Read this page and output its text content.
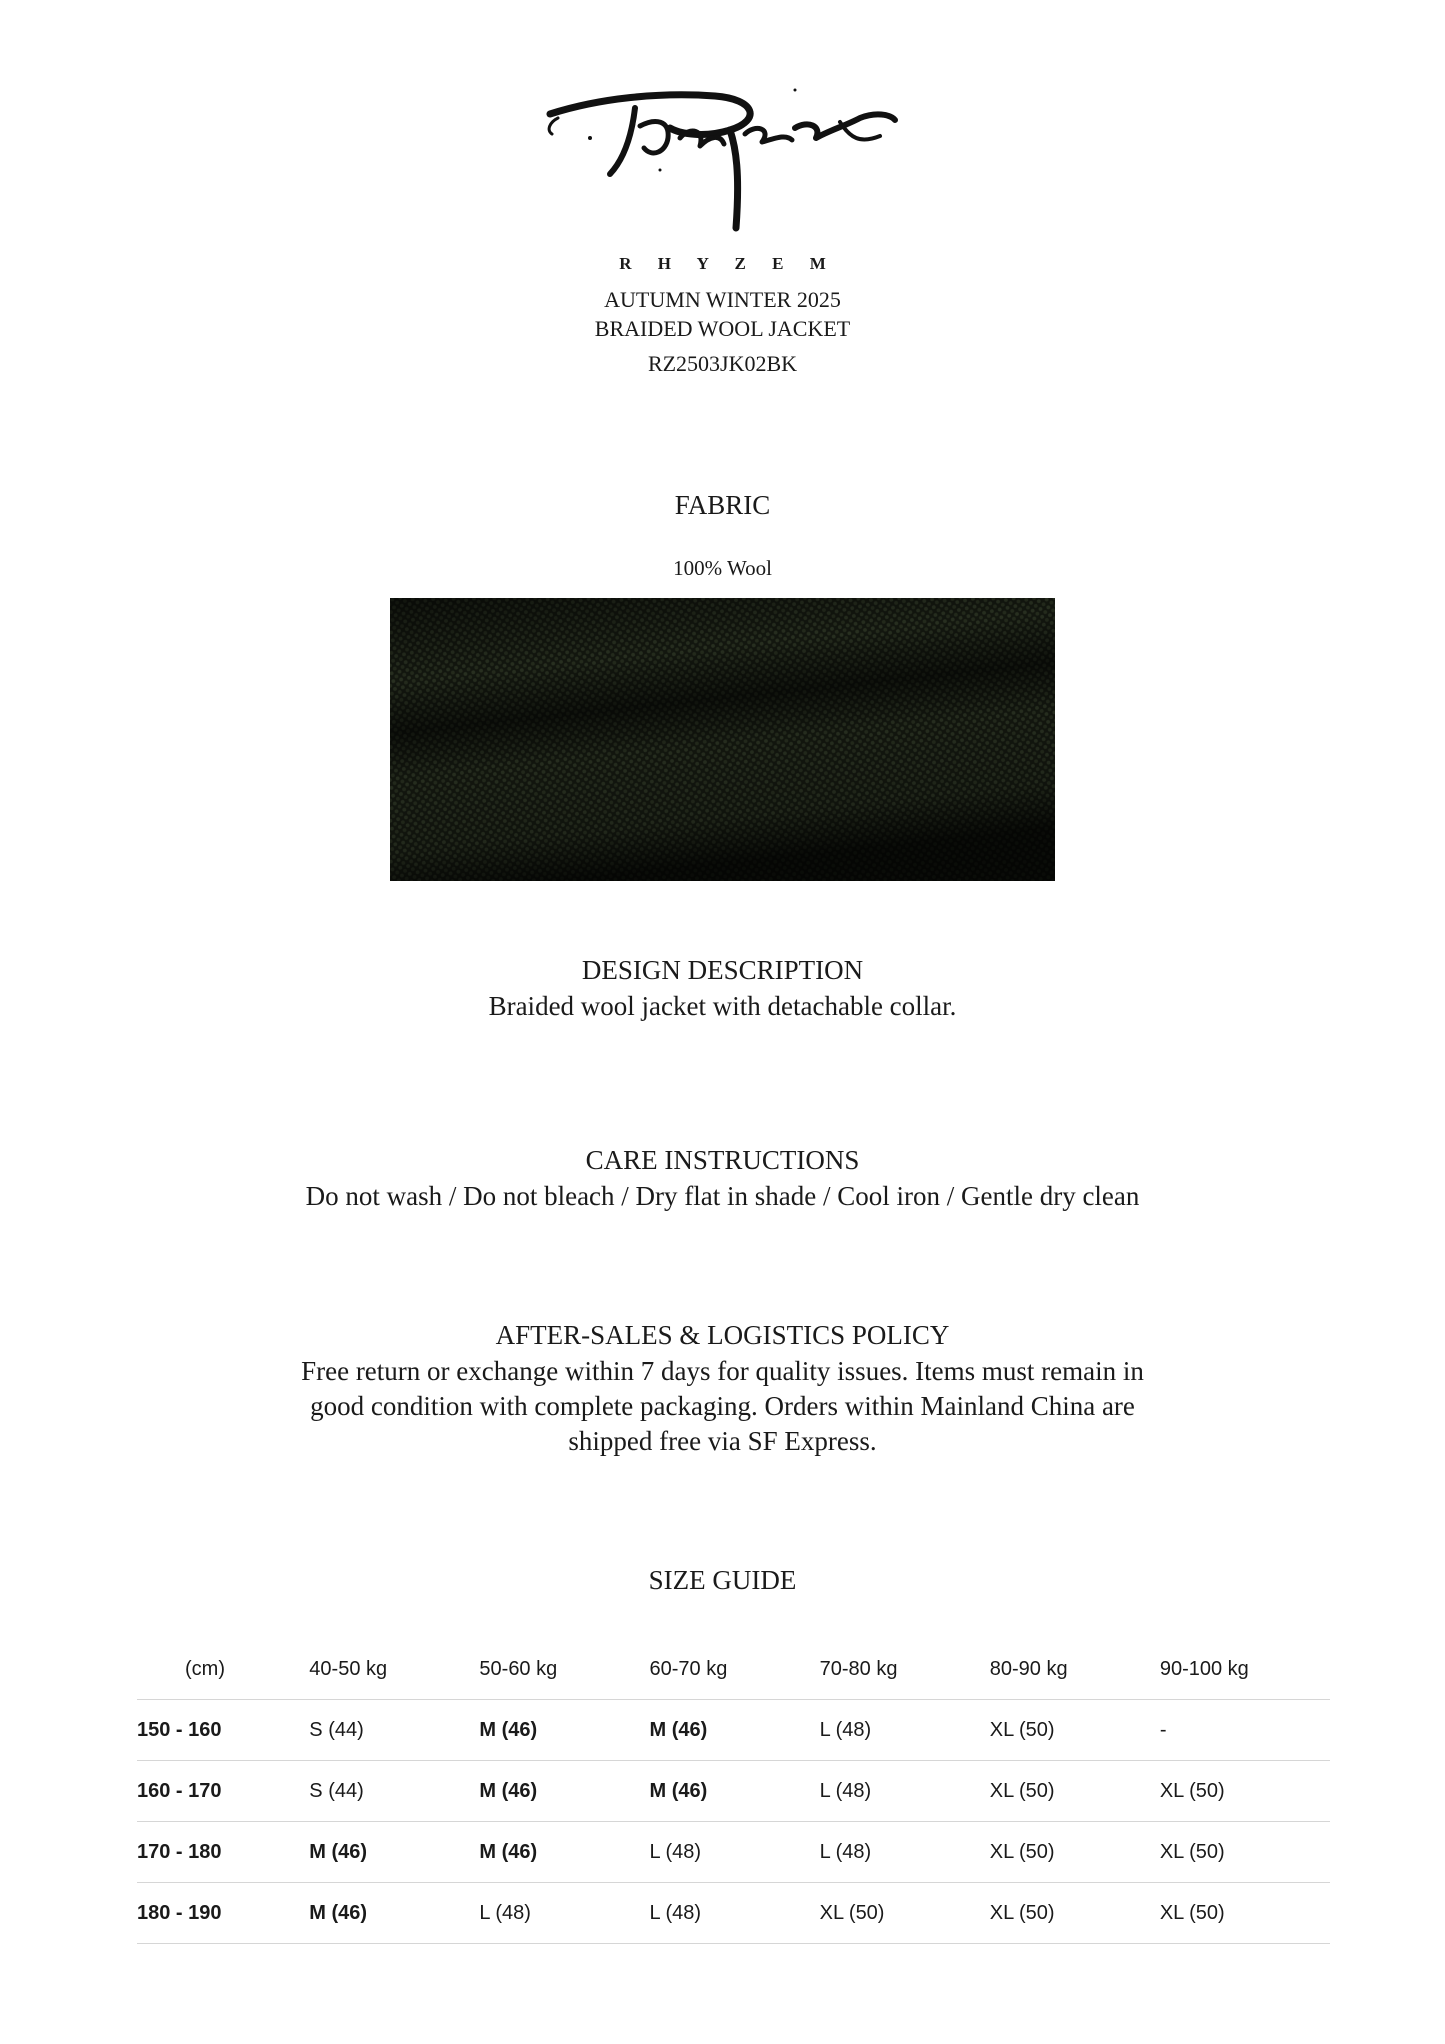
R H Y Z E M
AUTUMN WINTER 2025
BRAIDED WOOL JACKET
RZ2503JK02BK
FABRIC
100% Wool
DESIGN DESCRIPTION
Braided wool jacket with detachable collar.
CARE INSTRUCTIONS
Do not wash / Do not bleach / Dry flat in shade / Cool iron / Gentle dry clean
AFTER-SALES & LOGISTICS POLICY
Free return or exchange within 7 days for quality issues. Items must remain in
good condition with complete packaging. Orders within Mainland China are
shipped free via SF Express.
SIZE GUIDE
(cm)	40-50 kg	50-60 kg	60-70 kg	70-80 kg	80-90 kg	90-100 kg
150 - 160	S (44)	M (46)	M (46)	L (48)	XL (50)	-
160 - 170	S (44)	M (46)	M (46)	L (48)	XL (50)	XL (50)
170 - 180	M (46)	M (46)	L (48)	L (48)	XL (50)	XL (50)
180 - 190	M (46)	L (48)	L (48)	XL (50)	XL (50)	XL (50)
